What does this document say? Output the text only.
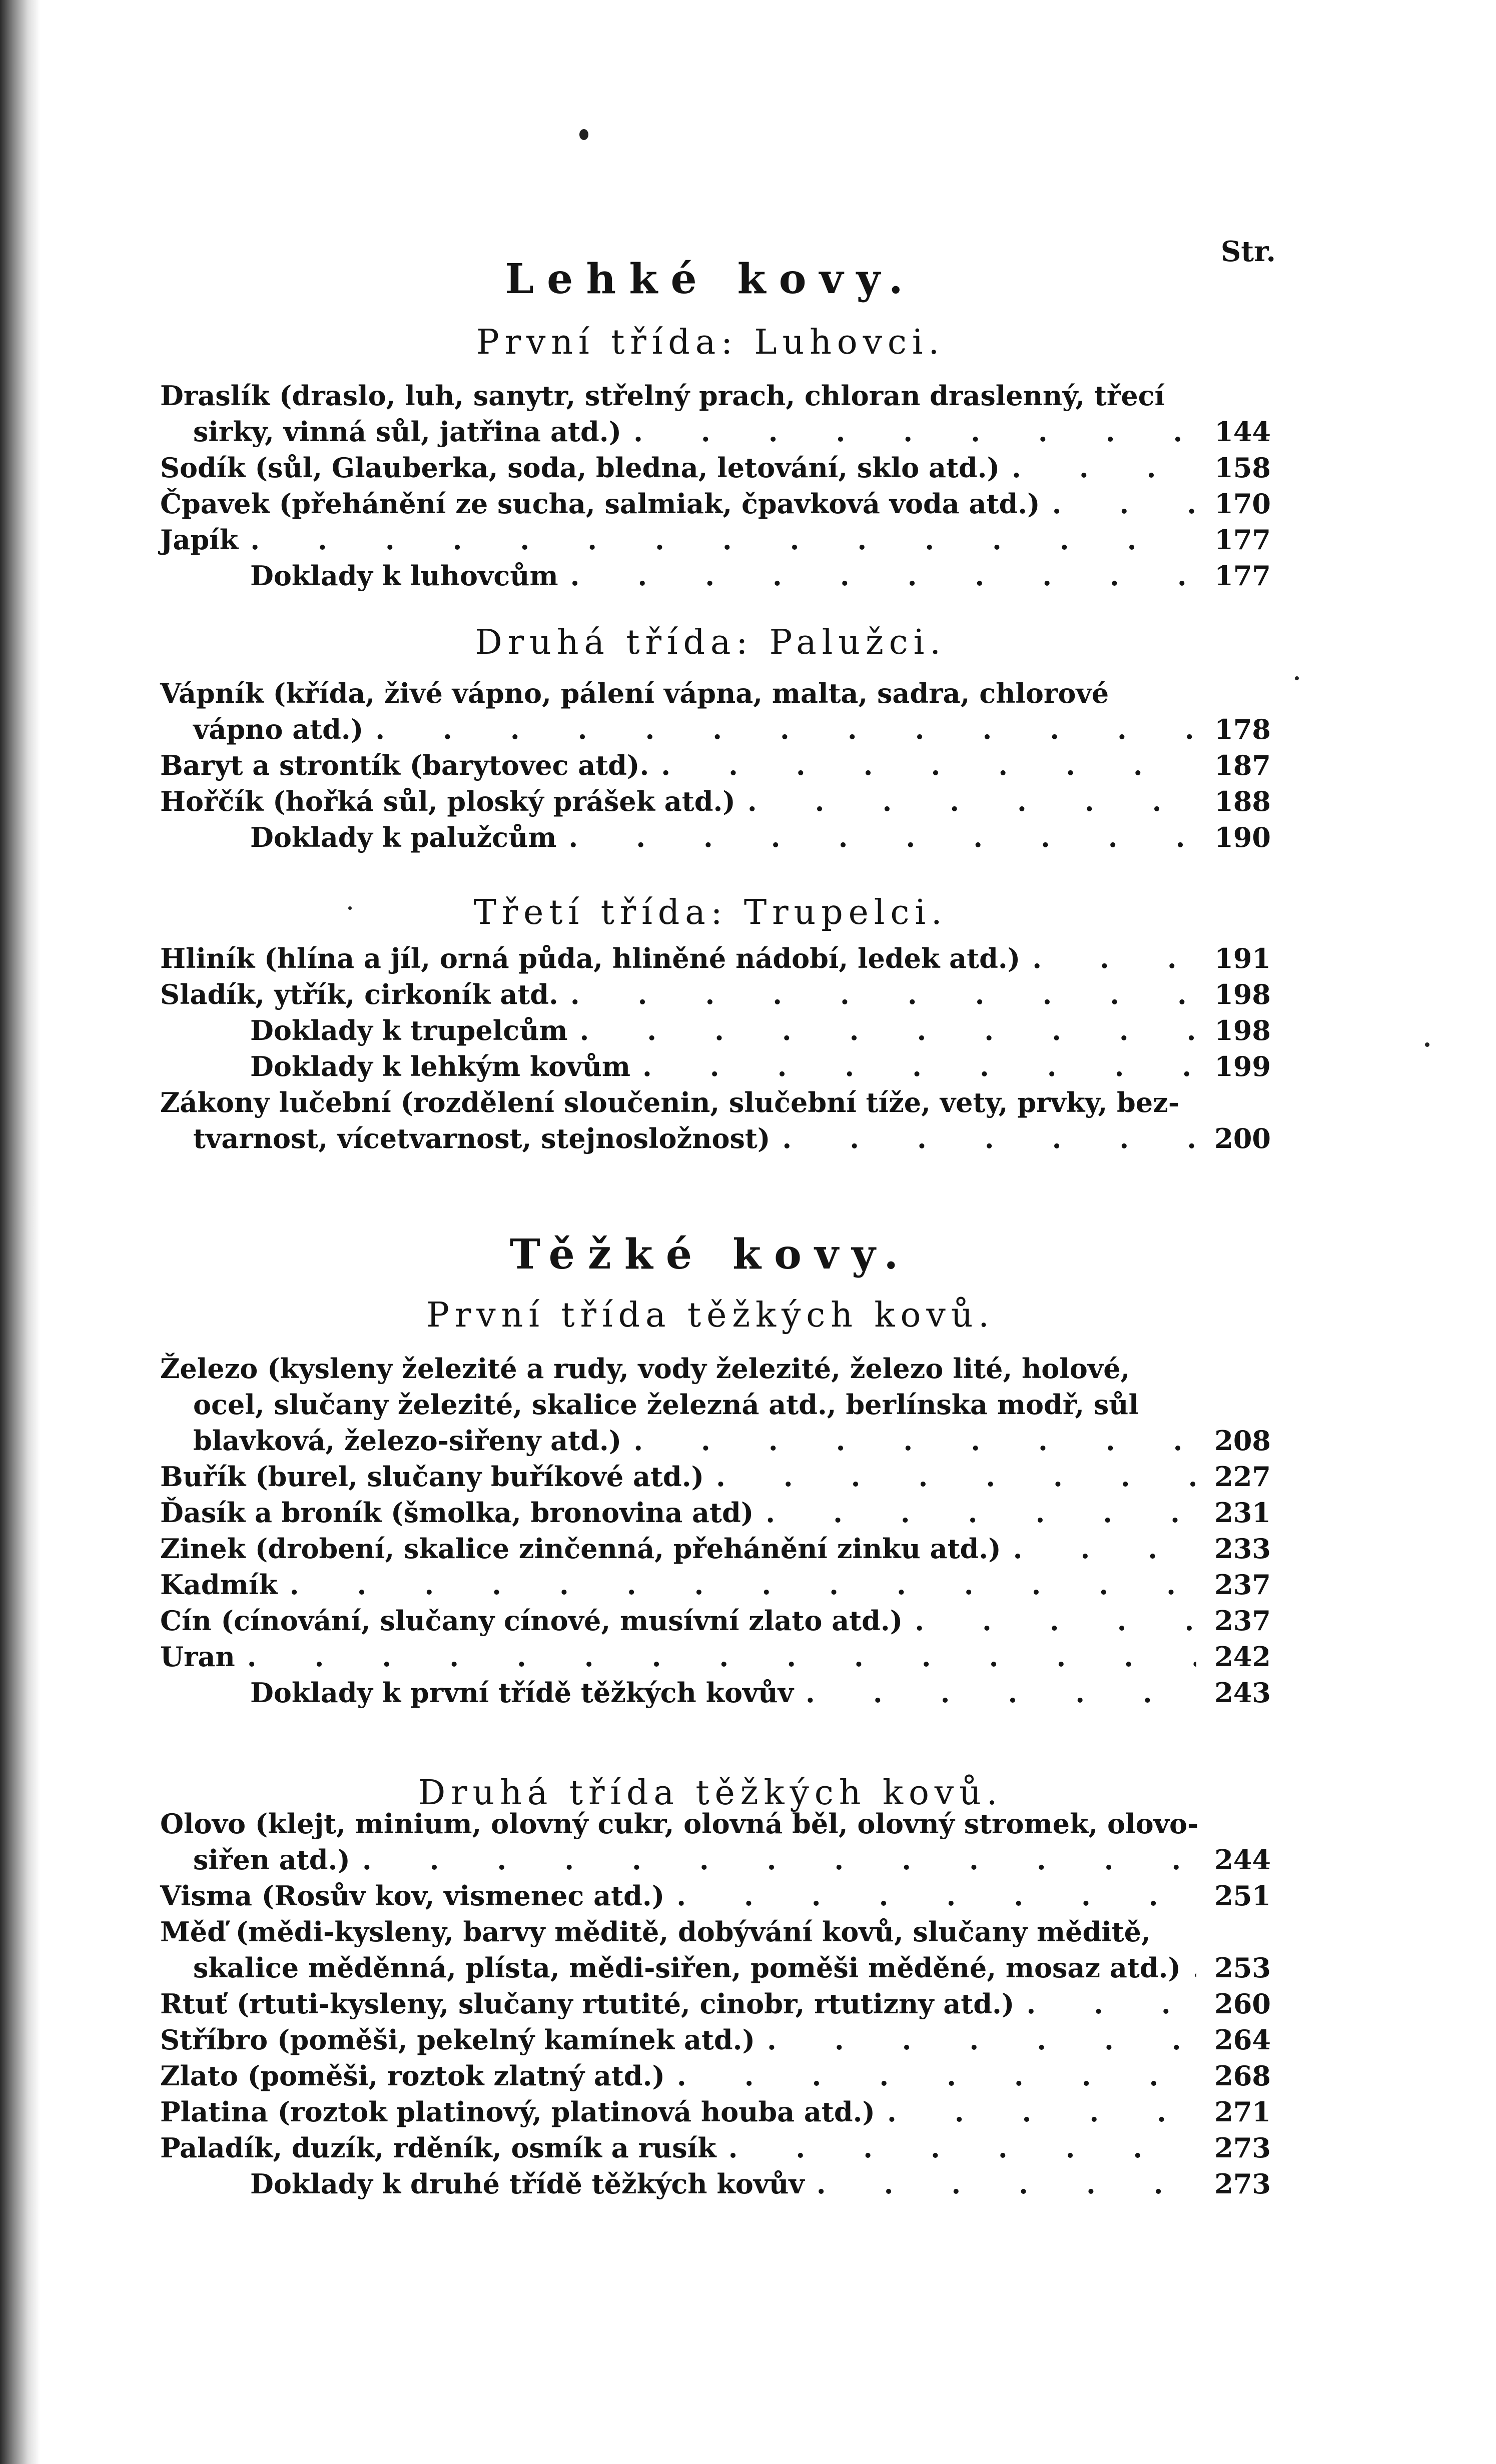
Str.
Lehké kovy.
První třída: Luhovci.
Draslík (draslo, luh, sanytr, střelný prach, chloran draslenný, třecí
sirky, vinná sůl, jatřina atd.) . . .	144
Sodík (sůl, Glauberka, soda, bledna, letování, sklo atd.) . . .	158
Čpavek (přehánění ze sucha, salmiak, čpavková voda atd.) . . .	170
Japík . . .	177
Doklady k luhovcům . . .	177
Druhá třída: Palužci.
Vápník (křída, živé vápno, pálení vápna, malta, sadra, chlorové
vápno atd.) . . .	178
Baryt a strontík (barytovec atd). . . .	187
Hořčík (hořká sůl, ploský prášek atd.) . . .	188
Doklady k palužcům . . .	190
Třetí třída: Trupelci.
Hliník (hlína a jíl, orná půda, hliněné nádobí, ledek atd.) . . .	191
Sladík, ytřík, cirkoník atd. . . .	198
Doklady k trupelcům . . .	198
Doklady k lehkým kovům . . .	199
Zákony lučební (rozdělení sloučenin, slučební tíže, vety, prvky, bez-
tvarnost, vícetvarnost, stejnosložnost) . . .	200
Těžké kovy.
První třída těžkých kovů.
Železo (kysleny železité a rudy, vody železité, železo lité, holové,
ocel, slučany železité, skalice železná atd., berlínska modř, sůl
blavková, železo-siřeny atd.) . . .	208
Buřík (burel, slučany buříkové atd.) . . .	227
Ďasík a broník (šmolka, bronovina atd) . . .	231
Zinek (drobení, skalice zinčenná, přehánění zinku atd.) . . .	233
Kadmík . . .	237
Cín (cínování, slučany cínové, musívní zlato atd.) . . .	237
Uran . . .	242
Doklady k první třídě těžkých kovův . . .	243
Druhá třída těžkých kovů.
Olovo (klejt, minium, olovný cukr, olovná běl, olovný stromek, olovo-
siřen atd.) . . .	244
Visma (Rosův kov, vismenec atd.) . . .	251
Měď (mědi-kysleny, barvy měditě, dobývání kovů, slučany měditě,
skalice měděnná, plísta, mědi-siřen, poměši měděné, mosaz atd.) . . . 253
Rtuť (rtuti-kysleny, slučany rtutité, cinobr, rtutizny atd.) . . .	260
Stříbro (poměši, pekelný kamínek atd.) . . .	264
Zlato (poměši, roztok zlatný atd.) . . .	268
Platina (roztok platinový, platinová houba atd.) . . .	271
Paladík, duzík, rděník, osmík a rusík . . .	273
Doklady k druhé třídě těžkých kovův . . .	273
